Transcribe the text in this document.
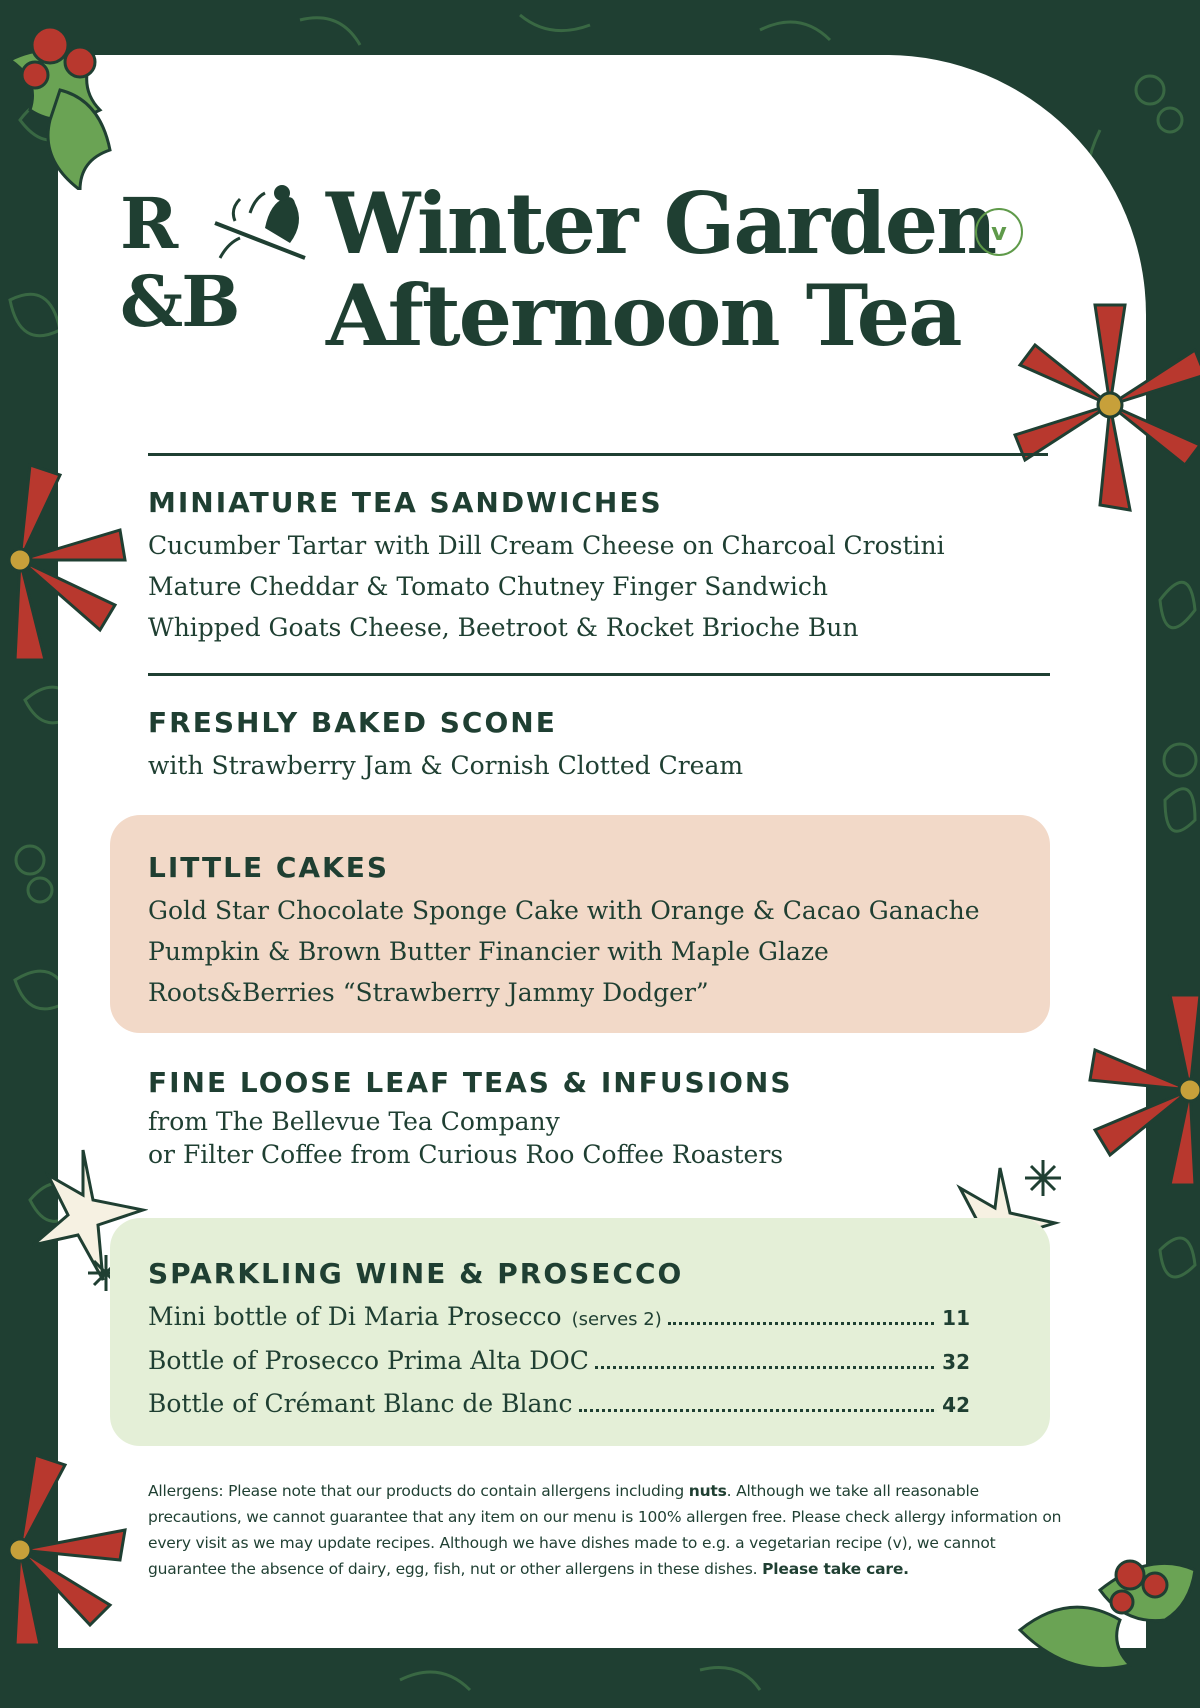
R
&B
Winter Garden
Afternoon Tea
v
MINIATURE TEA SANDWICHES
Cucumber Tartar with Dill Cream Cheese on Charcoal Crostini
Mature Cheddar & Tomato Chutney Finger Sandwich
Whipped Goats Cheese, Beetroot & Rocket Brioche Bun
FRESHLY BAKED SCONE
with Strawberry Jam & Cornish Clotted Cream
LITTLE CAKES
Gold Star Chocolate Sponge Cake with Orange & Cacao Ganache
Pumpkin & Brown Butter Financier with Maple Glaze
Roots&Berries “Strawberry Jammy Dodger”
FINE LOOSE LEAF TEAS & INFUSIONS
from The Bellevue Tea Company
or Filter Coffee from Curious Roo Coffee Roasters
SPARKLING WINE & PROSECCO
Mini bottle of Di Maria Prosecco (serves 2)	11
Bottle of Prosecco Prima Alta DOC	32
Bottle of Crémant Blanc de Blanc	42
Allergens: Please note that our products do contain allergens including nuts. Although we take all reasonable precautions, we cannot guarantee that any item on our menu is 100% allergen free. Please check allergy information on every visit as we may update recipes. Although we have dishes made to e.g. a vegetarian recipe (v), we cannot guarantee the absence of dairy, egg, fish, nut or other allergens in these dishes. Please take care.
